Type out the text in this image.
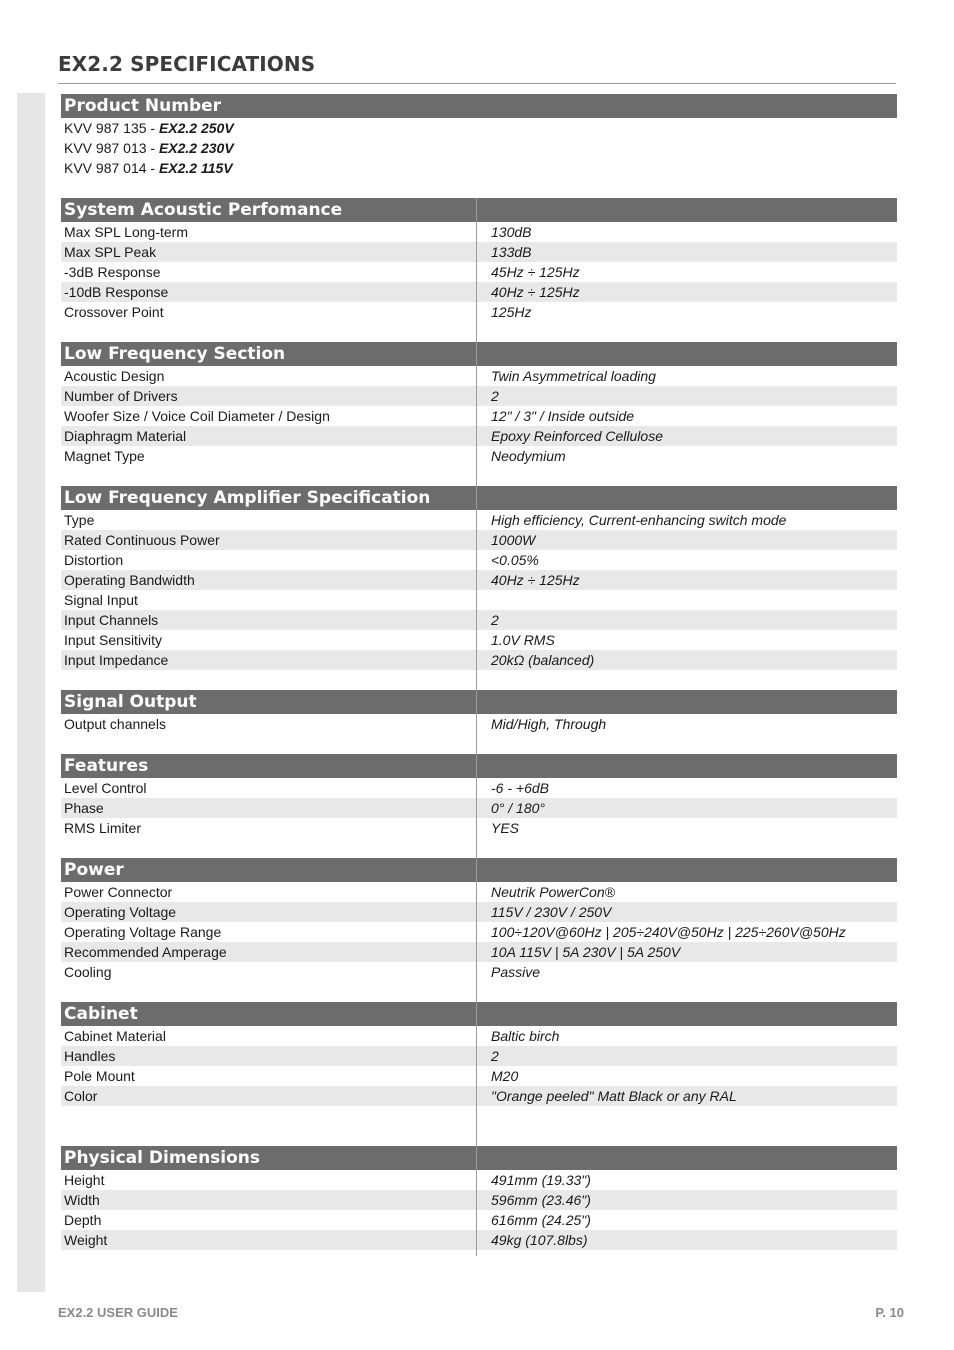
EX2.2 SPECIFICATIONS
Product Number
KVV 987 135 - EX2.2 250V
KVV 987 013 - EX2.2 230V
KVV 987 014 - EX2.2 115V
System Acoustic Perfomance
Max SPL Long-term	130dB
Max SPL Peak	133dB
-3dB Response	45Hz ÷ 125Hz
-10dB Response	40Hz ÷ 125Hz
Crossover Point	125Hz
Low Frequency Section
Acoustic Design	Twin Asymmetrical loading
Number of Drivers	2
Woofer Size / Voice Coil Diameter / Design	12" / 3" / Inside outside
Diaphragm Material	Epoxy Reinforced Cellulose
Magnet Type	Neodymium
Low Frequency Amplifier Specification
Type	High efficiency, Current-enhancing switch mode
Rated Continuous Power	1000W
Distortion	<0.05%
Operating Bandwidth	40Hz ÷ 125Hz
Signal Input
Input Channels	2
Input Sensitivity	1.0V RMS
Input Impedance	20kΩ (balanced)
Signal Output
Output channels	Mid/High, Through
Features
Level Control	-6 - +6dB
Phase	0° / 180°
RMS Limiter	YES
Power
Power Connector	Neutrik PowerCon®
Operating Voltage	115V / 230V / 250V
Operating Voltage Range	100÷120V@60Hz | 205÷240V@50Hz | 225÷260V@50Hz
Recommended Amperage	10A 115V | 5A 230V | 5A 250V
Cooling	Passive
Cabinet
Cabinet Material	Baltic birch
Handles	2
Pole Mount	M20
Color	"Orange peeled" Matt Black or any RAL
Physical Dimensions
Height	491mm (19.33")
Width	596mm (23.46")
Depth	616mm (24.25")
Weight	49kg (107.8lbs)
EX2.2 USER GUIDE	P. 10
